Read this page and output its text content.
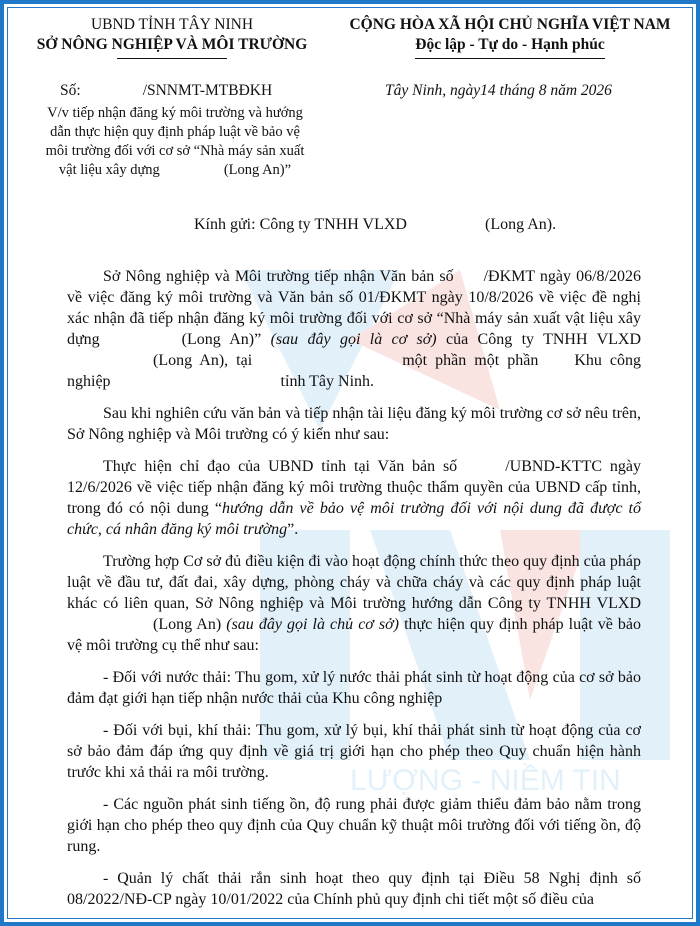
LƯỢNG - NIỀM TIN
UBND TỈNH TÂY NINH
SỞ NÔNG NGHIỆP VÀ MÔI TRƯỜNG
CỘNG HÒA XÃ HỘI CHỦ NGHĨA VIỆT NAM
Độc lập - Tự do - Hạnh phúc
Số:	/SNNMT-MTBĐKH	Tây Ninh, ngày14 tháng 8 năm 2026
V/v tiếp nhận đăng ký môi trường và hướng
dẫn thực hiện quy định pháp luật về bảo vệ
môi trường đối với cơ sở “Nhà máy sản xuất
vật liệu xây dựng	(Long An)”
Kính gửi: Công ty TNHH VLXD	(Long An).

Sở Nông nghiệp và Môi trường tiếp nhận Văn bản số /ĐKMT ngày 06/8/2026 về việc đăng ký môi trường và Văn bản số 01/ĐKMT ngày 10/8/2026 về việc đề nghị xác nhận đã tiếp nhận đăng ký môi trường đối với cơ sở “Nhà máy sản xuất vật liệu xây dựng	(Long An)” (sau đây gọi là cơ sở) của Công ty TNHH VLXD(Long An), tại	một phần một phần Khu công nghiệp	tỉnh Tây Ninh.

Sau khi nghiên cứu văn bản và tiếp nhận tài liệu đăng ký môi trường cơ sở nêu trên, Sở Nông nghiệp và Môi trường có ý kiến như sau:

Thực hiện chỉ đạo của UBND tỉnh tại Văn bản số	/UBND-KTTC ngày 12/6/2026 về việc tiếp nhận đăng ký môi trường thuộc thẩm quyền của UBND cấp tỉnh, trong đó có nội dung “hướng dẫn về bảo vệ môi trường đối với nội dung đã được tổ chức, cá nhân đăng ký môi trường”.

Trường hợp Cơ sở đủ điều kiện đi vào hoạt động chính thức theo quy định của pháp luật về đầu tư, đất đai, xây dựng, phòng cháy và chữa cháy và các quy định pháp luật khác có liên quan, Sở Nông nghiệp và Môi trường hướng dẫn Công ty TNHH VLXD(Long An) (sau đây gọi là chủ cơ sở) thực hiện quy định pháp luật về bảo vệ môi trường cụ thể như sau:

- Đối với nước thải: Thu gom, xử lý nước thải phát sinh từ hoạt động của cơ sở bảo đảm đạt giới hạn tiếp nhận nước thải của Khu công nghiệp

- Đối với bụi, khí thải: Thu gom, xử lý bụi, khí thải phát sinh từ hoạt động của cơ sở bảo đảm đáp ứng quy định về giá trị giới hạn cho phép theo Quy chuẩn hiện hành trước khi xả thải ra môi trường.

- Các nguồn phát sinh tiếng ồn, độ rung phải được giảm thiểu đảm bảo nằm trong giới hạn cho phép theo quy định của Quy chuẩn kỹ thuật môi trường đối với tiếng ồn, độ rung.

- Quản lý chất thải rắn sinh hoạt theo quy định tại Điều 58 Nghị định số 08/2022/NĐ-CP ngày 10/01/2022 của Chính phủ quy định chi tiết một số điều của
